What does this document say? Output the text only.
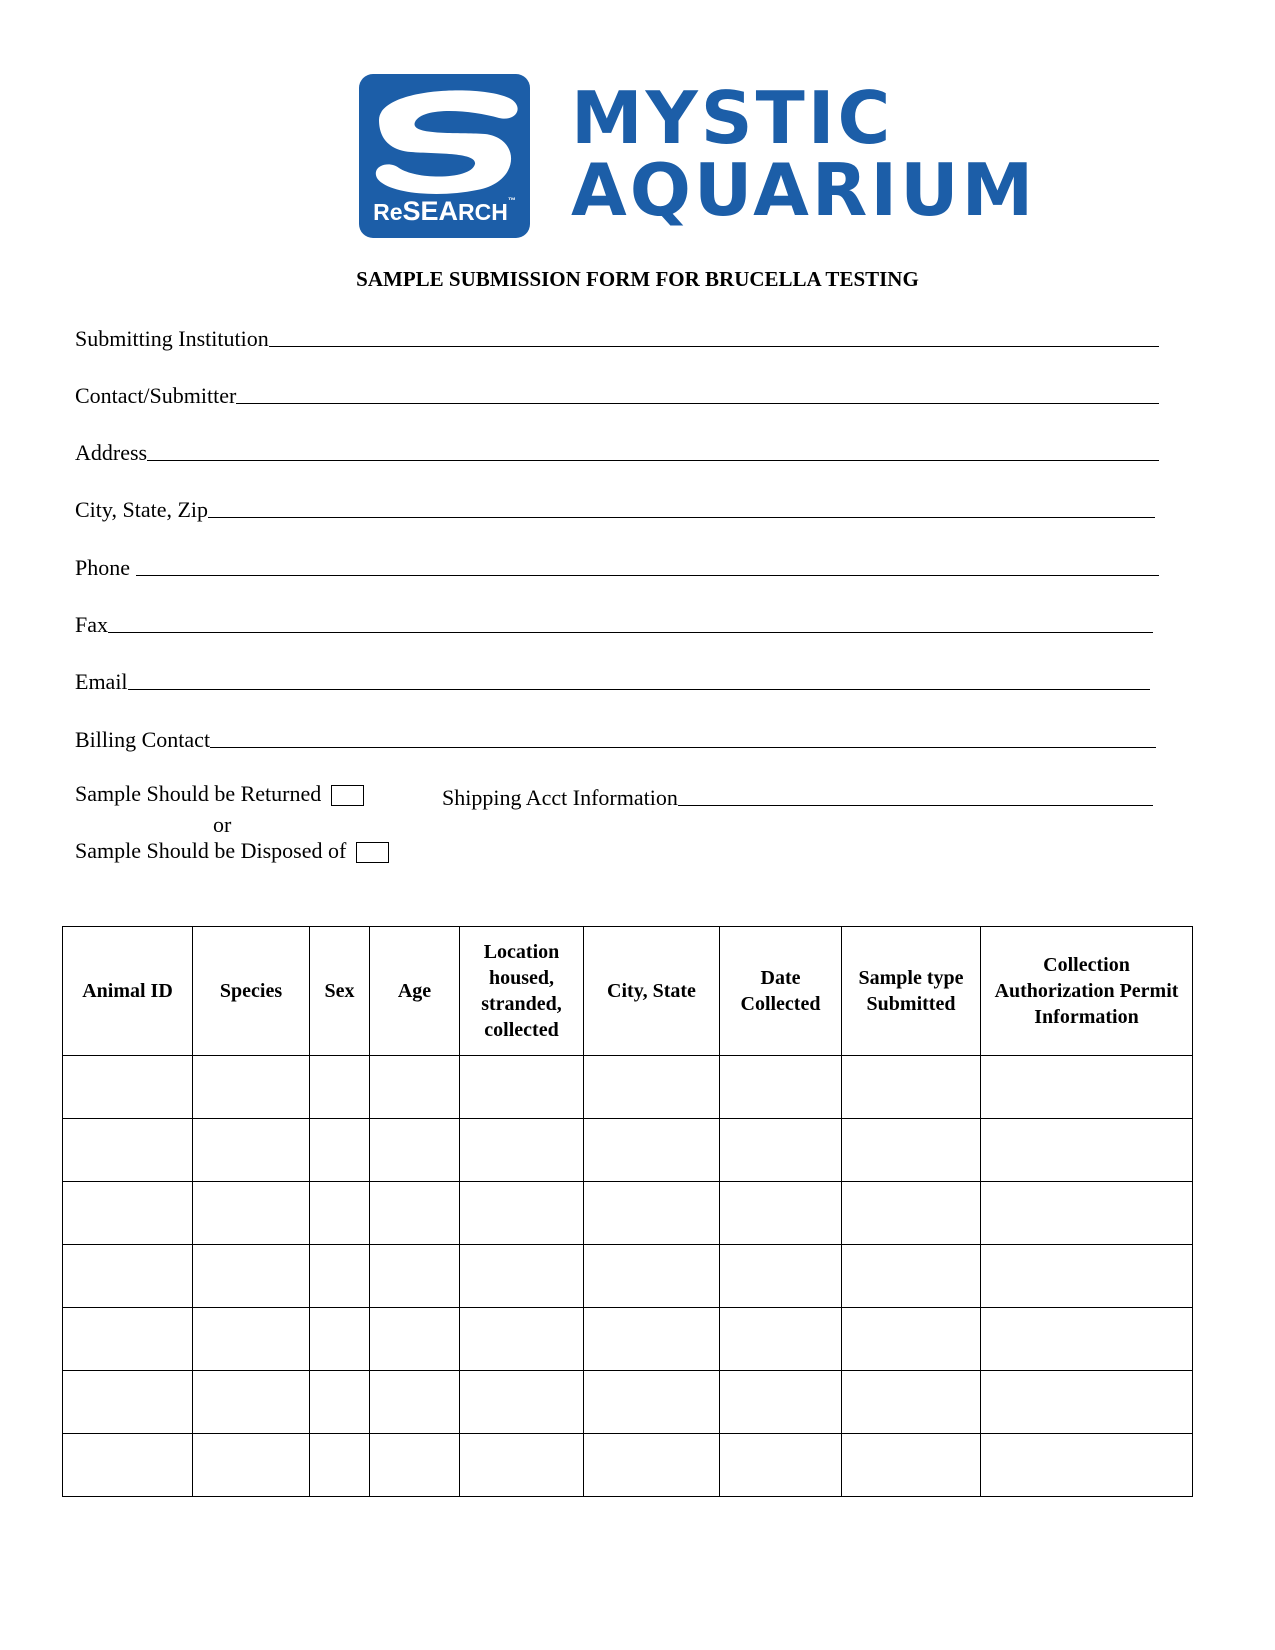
ReSEARCH™
MYSTIC
AQUARIUM
SAMPLE SUBMISSION FORM FOR BRUCELLA TESTING
Submitting Institution
Contact/Submitter
Address
City, State, Zip
Phone
Fax
Email
Billing Contact
Sample Should be Returned
or
Sample Should be Disposed of
Shipping Acct Information
Animal ID	Species	Sex	Age	Location housed, stranded, collected	City, State	Date Collected	Sample type Submitted	Collection Authorization Permit Information
